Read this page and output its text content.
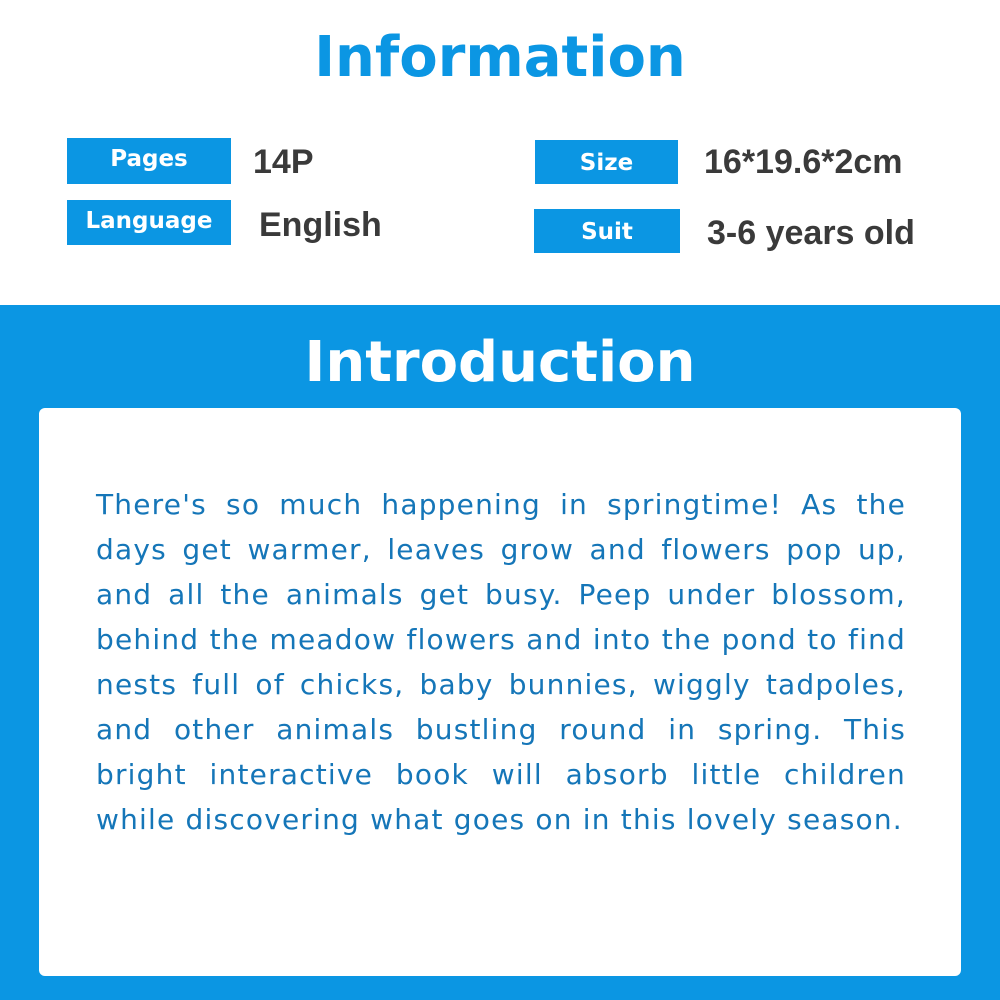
Information
Pages	14P
Language	English
Size	16*19.6*2cm
Suit	3-6 years old
Introduction

There's so much happening in springtime! As the days get warmer, leaves grow and flowers pop up, and all the animals get busy. Peep under blossom, behind the meadow flowers and into the pond to find nests full of chicks, baby bunnies, wiggly tadpoles, and other animals bustling round in spring. This bright interactive book will absorb little children while discovering what goes on in this lovely season.
